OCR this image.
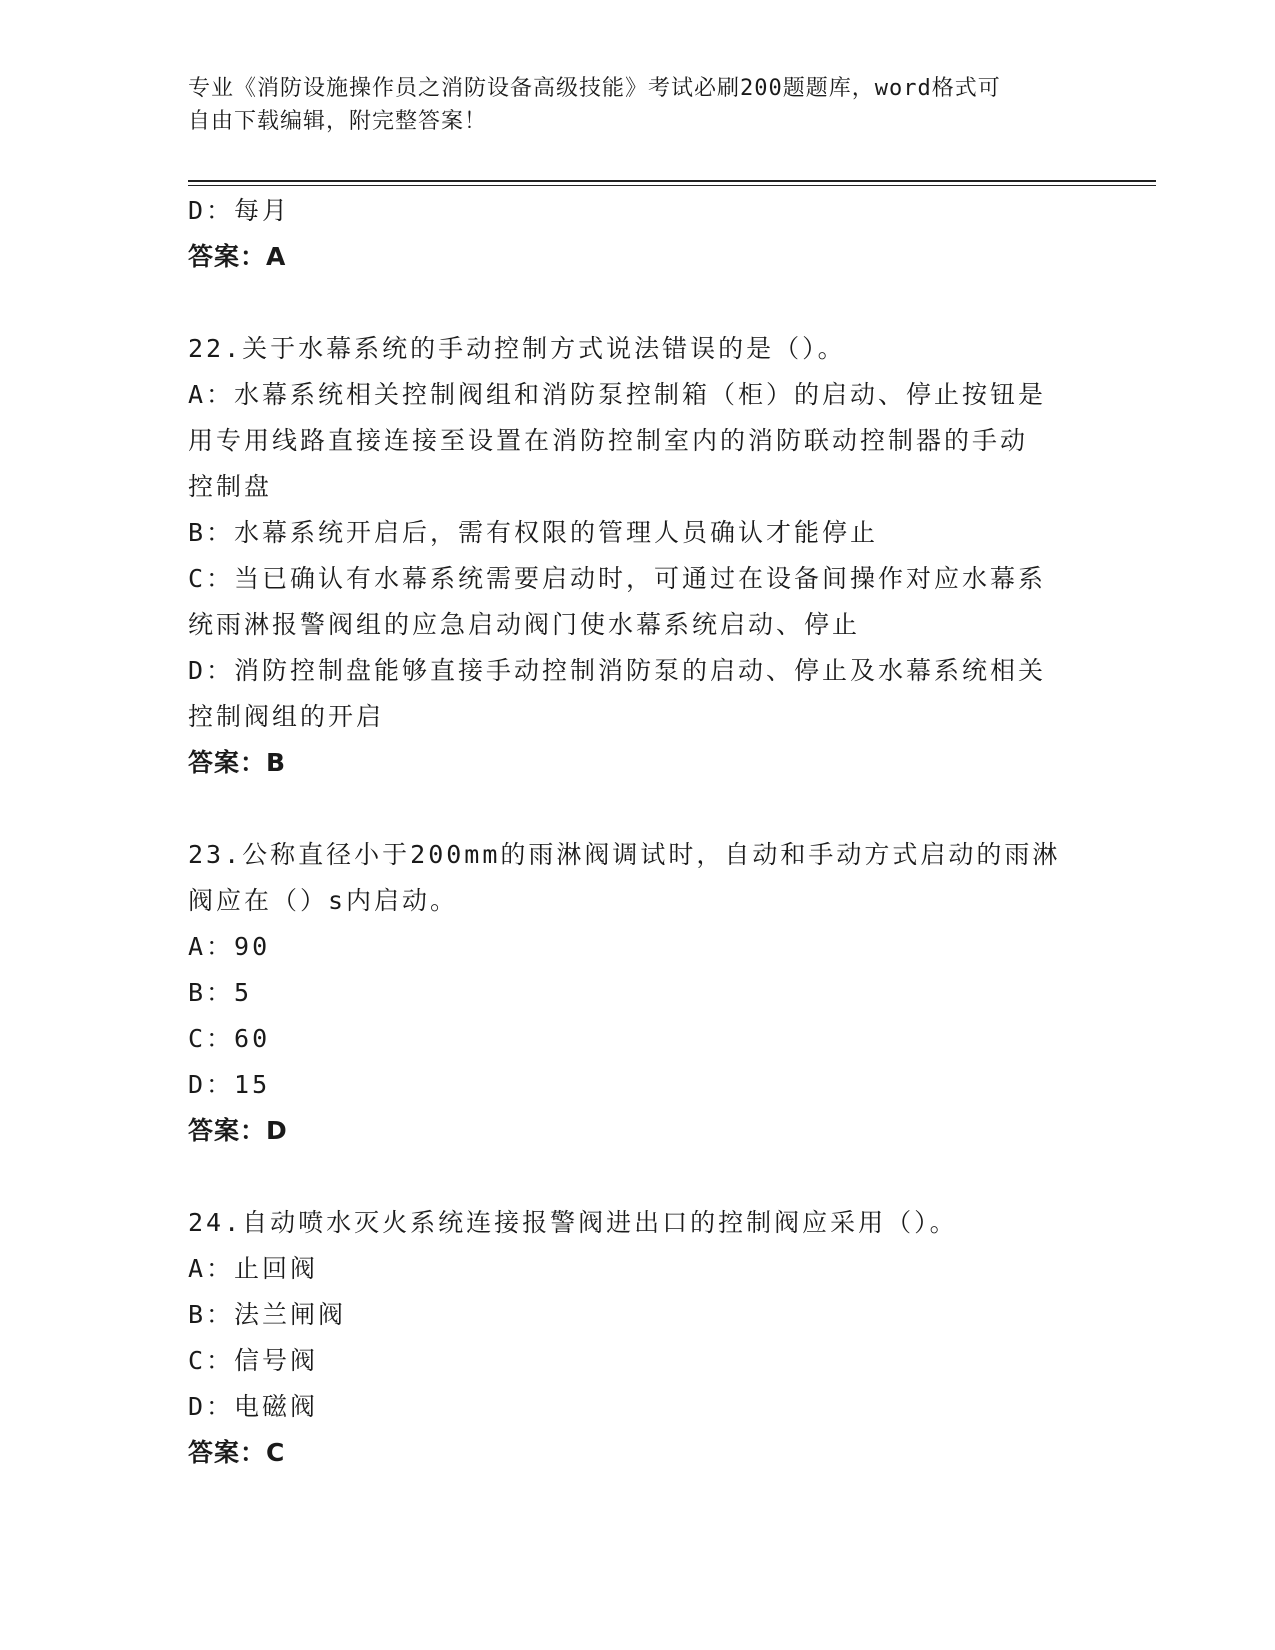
专业《消防设施操作员之消防设备高级技能》考试必刷200题题库，word格式可
自由下载编辑，附完整答案！
D：每月
答案：A
22.关于水幕系统的手动控制方式说法错误的是（）。
A：水幕系统相关控制阀组和消防泵控制箱（柜）的启动、停止按钮是
用专用线路直接连接至设置在消防控制室内的消防联动控制器的手动
控制盘
B：水幕系统开启后，需有权限的管理人员确认才能停止
C：当已确认有水幕系统需要启动时，可通过在设备间操作对应水幕系
统雨淋报警阀组的应急启动阀门使水幕系统启动、停止
D：消防控制盘能够直接手动控制消防泵的启动、停止及水幕系统相关
控制阀组的开启
答案：B
23.公称直径小于200mm的雨淋阀调试时，自动和手动方式启动的雨淋
阀应在（）s内启动。
A：90
B：5
C：60
D：15
答案：D
24.自动喷水灭火系统连接报警阀进出口的控制阀应采用（）。
A：止回阀
B：法兰闸阀
C：信号阀
D：电磁阀
答案：C
